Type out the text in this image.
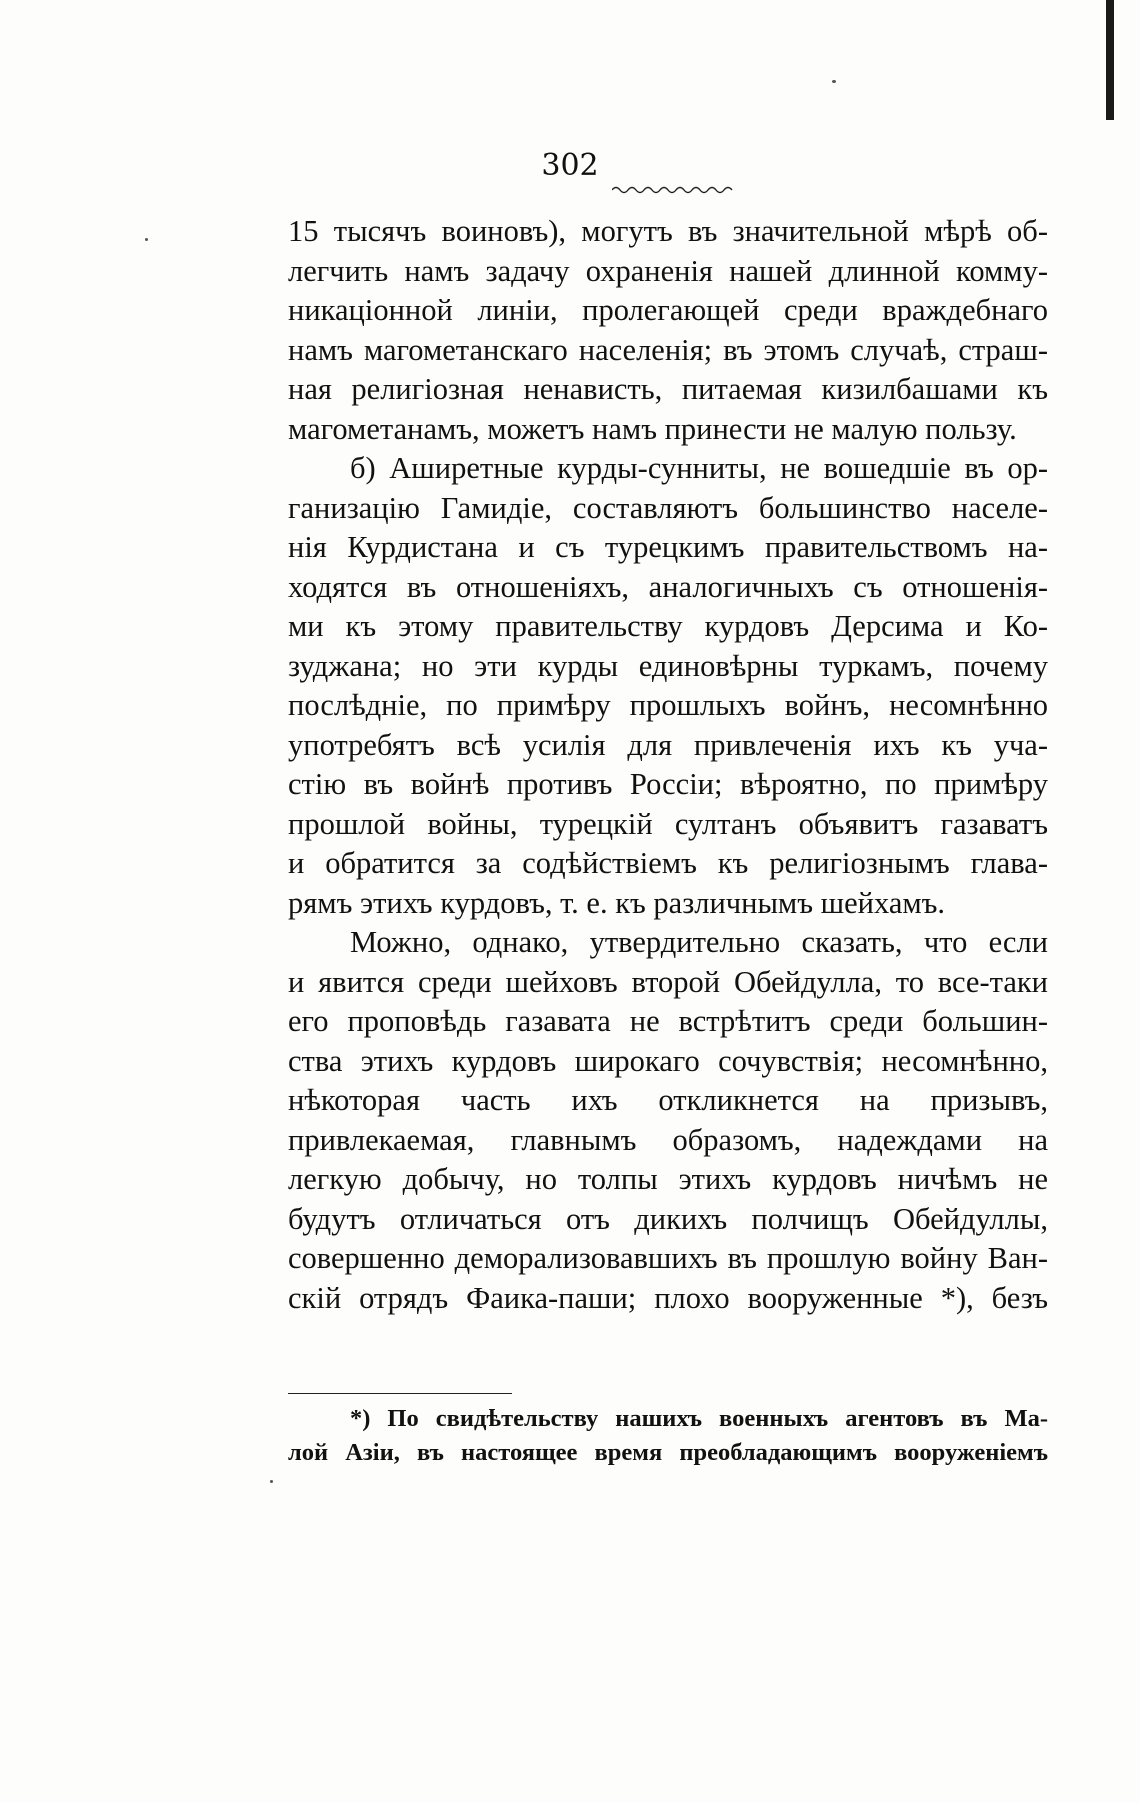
302
15 тысячъ воиновъ), могутъ въ значительной мѣрѣ об-
легчить намъ задачу охраненія нашей длинной комму-
никаціонной линіи, пролегающей среди враждебнаго
намъ магометанскаго населенія; въ этомъ случаѣ, страш-
ная религіозная ненависть, питаемая кизилбашами къ
магометанамъ, можетъ намъ принести не малую пользу.
б) Аширетные курды-сунниты, не вошедшіе въ ор-
ганизацію Гамидіе, составляютъ большинство населе-
нія Курдистана и съ турецкимъ правительствомъ на-
ходятся въ отношеніяхъ, аналогичныхъ съ отношенія-
ми къ этому правительству курдовъ Дерсима и Ко-
зуджана; но эти курды единовѣрны туркамъ, почему
послѣдніе, по примѣру прошлыхъ войнъ, несомнѣнно
употребятъ всѣ усилія для привлеченія ихъ къ уча-
стію въ войнѣ противъ Россіи; вѣроятно, по примѣру
прошлой войны, турецкій султанъ объявитъ газаватъ
и обратится за содѣйствіемъ къ религіознымъ глава-
рямъ этихъ курдовъ, т. е. къ различнымъ шейхамъ.
Можно, однако, утвердительно сказать, что если
и явится среди шейховъ второй Обейдулла, то все-таки
его проповѣдь газавата не встрѣтитъ среди большин-
ства этихъ курдовъ широкаго сочувствія; несомнѣнно,
нѣкоторая часть ихъ откликнется на призывъ,
привлекаемая, главнымъ образомъ, надеждами на
легкую добычу, но толпы этихъ курдовъ ничѣмъ не
будутъ отличаться отъ дикихъ полчищъ Обейдуллы,
совершенно деморализовавшихъ въ прошлую войну Ван-
скій отрядъ Фаика-паши; плохо вооруженные *), безъ
*) По свидѣтельству нашихъ военныхъ агентовъ въ Ма-
лой Азіи, въ настоящее время преобладающимъ вооруженіемъ
